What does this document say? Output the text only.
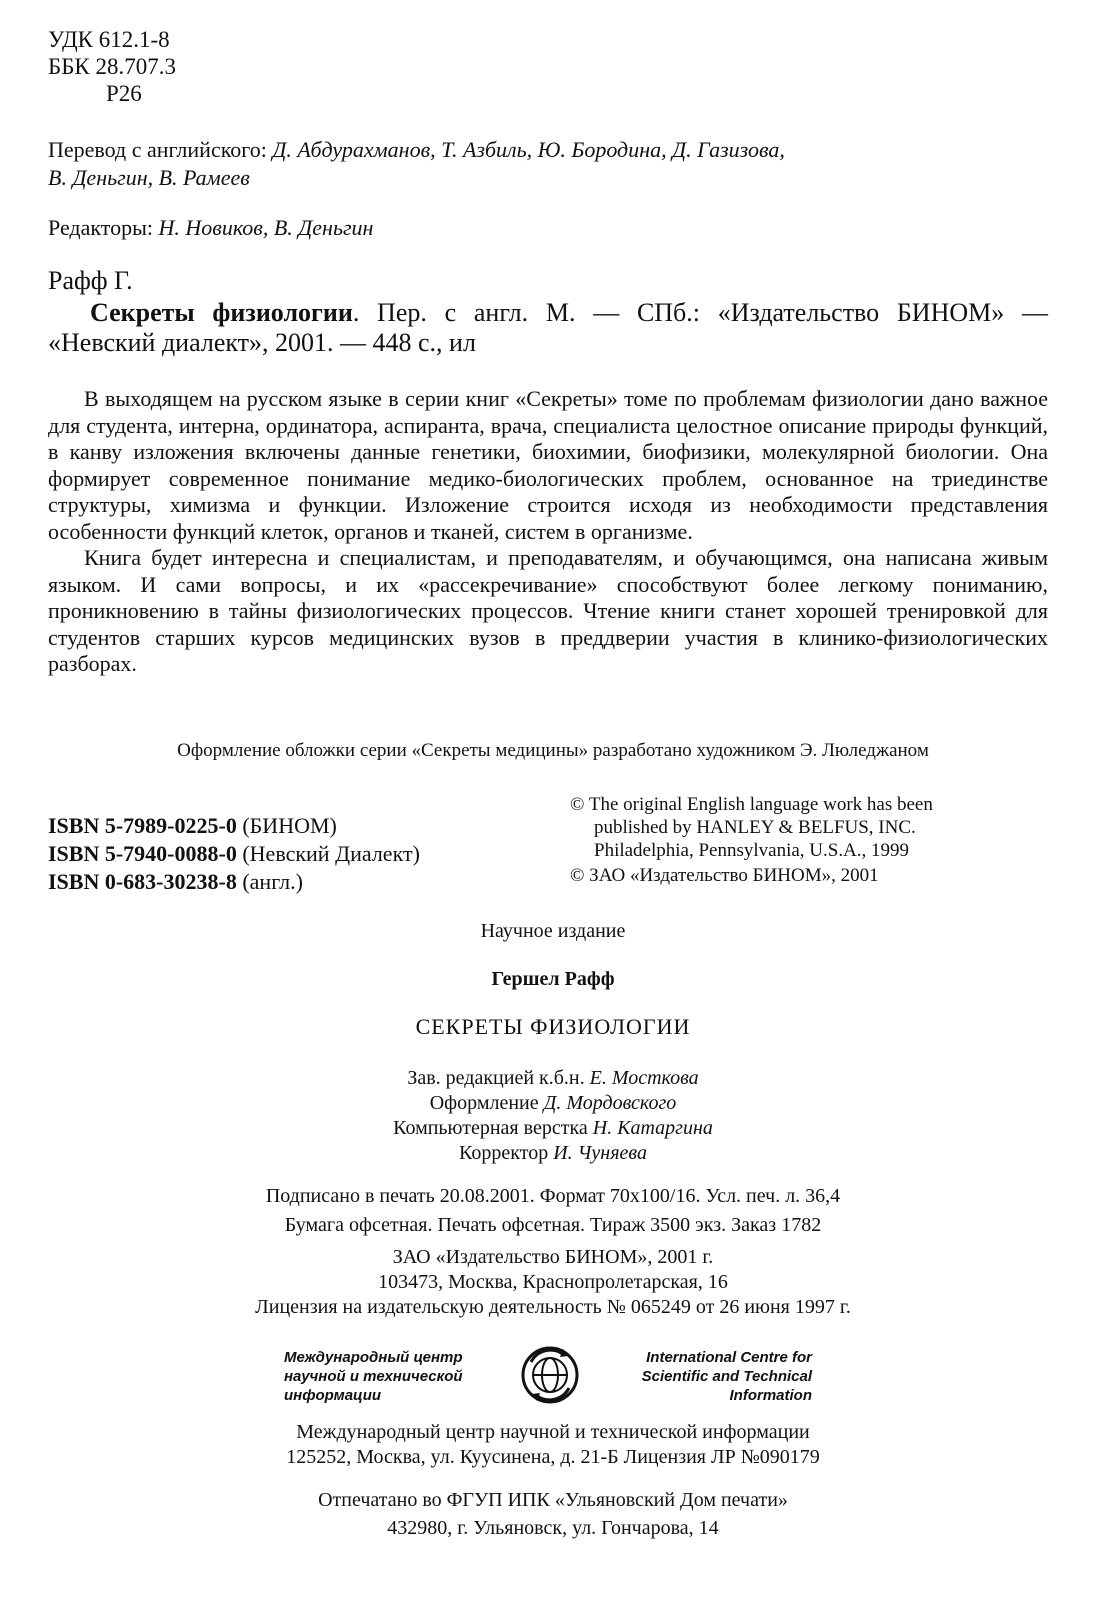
УДК 612.1-8
ББК 28.707.3
Р26
Перевод с английского: Д. Абдурахманов, Т. Азбиль, Ю. Бородина, Д. Газизова,
В. Деньгин, В. Рамеев
Редакторы: Н. Новиков, В. Деньгин
Рафф Г.
Секреты физиологии. Пер. с англ. М. — СПб.: «Издательство БИНОМ» — «Невский диалект», 2001. — 448 с., ил

В выходящем на русском языке в серии книг «Секреты» томе по проблемам физиологии дано важное для студента, интерна, ординатора, аспиранта, врача, специалиста целостное описание природы функций, в канву изложения включены данные генетики, биохимии, биофизики, молекулярной биологии. Она формирует современное понимание медико-биологических проблем, основанное на триединстве структуры, химизма и функции. Изложение строится исходя из необходимости представления особенности функций клеток, органов и тканей, систем в организме.

Книга будет интересна и специалистам, и преподавателям, и обучающимся, она написана живым языком. И сами вопросы, и их «рассекречивание» способствуют более легкому пониманию, проникновению в тайны физиологических процессов. Чтение книги станет хорошей тренировкой для студентов старших курсов медицинских вузов в преддверии участия в клинико-физиологических разборах.

Оформление обложки серии «Секреты медицины» разработано художником Э. Люледжаном
ISBN 5-7989-0225-0 (БИНОМ)
ISBN 5-7940-0088-0 (Невский Диалект)
ISBN 0-683-30238-8 (англ.)
© The original English language work has been
published by HANLEY & BELFUS, INC.
Philadelphia, Pennsylvania, U.S.A., 1999
© ЗАО «Издательство БИНОМ», 2001
Научное издание
Гершел Рафф
СЕКРЕТЫ ФИЗИОЛОГИИ
Зав. редакцией к.б.н. Е. Мосткова
Оформление Д. Мордовского
Компьютерная верстка Н. Катаргина
Корректор И. Чуняева
Подписано в печать 20.08.2001. Формат 70х100/16. Усл. печ. л. 36,4
Бумага офсетная. Печать офсетная. Тираж 3500 экз. Заказ 1782
ЗАО «Издательство БИНОМ», 2001 г.
103473, Москва, Краснопролетарская, 16
Лицензия на издательскую деятельность № 065249 от 26 июня 1997 г.
Международный центр
научной и технической
информации
International Centre for
Scientific and Technical
Information
Международный центр научной и технической информации
125252, Москва, ул. Куусинена, д. 21-Б Лицензия ЛР №090179
Отпечатано во ФГУП ИПК «Ульяновский Дом печати»
432980, г. Ульяновск, ул. Гончарова, 14
